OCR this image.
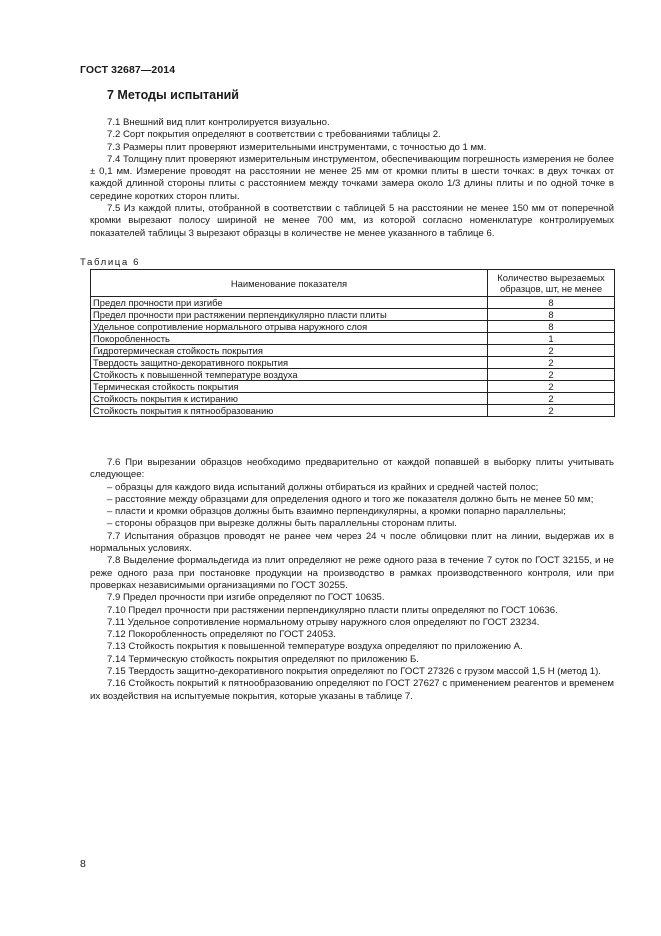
ГОСТ 32687—2014
7 Методы испытаний

7.1 Внешний вид плит контролируется визуально.

7.2 Сорт покрытия определяют в соответствии с требованиями таблицы 2.

7.3 Размеры плит проверяют измерительными инструментами, с точностью до 1 мм.

7.4 Толщину плит проверяют измерительным инструментом, обеспечивающим погрешность измерения не более ± 0,1 мм. Измерение проводят на расстоянии не менее 25 мм от кромки плиты в шести точках: в двух точках от каждой длинной стороны плиты с расстоянием между точками замера около 1/3 длины плиты и по одной точке в середине коротких сторон плиты.

7.5 Из каждой плиты, отобранной в соответствии с таблицей 5 на расстоянии не менее 150 мм от поперечной кромки вырезают полосу шириной не менее 700 мм, из которой согласно номенклатуре контролируемых показателей таблицы 3 вырезают образцы в количестве не менее указанного в таблице 6.

Таблица 6
Наименование показателя	Количество вырезаемых образцов, шт, не менее
Предел прочности при изгибе	8
Предел прочности при растяжении перпендикулярно пласти плиты	8
Удельное сопротивление нормального отрыва наружного слоя	8
Покоробленность	1
Гидротермическая стойкость покрытия	2
Твердость защитно-декоративного покрытия	2
Стойкость к повышенной температуре воздуха	2
Термическая стойкость покрытия	2
Стойкость покрытия к истиранию	2
Стойкость покрытия к пятнообразованию	2

7.6 При вырезании образцов необходимо предварительно от каждой попавшей в выборку плиты учитывать следующее:

– образцы для каждого вида испытаний должны отбираться из крайних и средней частей полос;

– расстояние между образцами для определения одного и того же показателя должно быть не менее 50 мм;

– пласти и кромки образцов должны быть взаимно перпендикулярны, а кромки попарно параллельны;

– стороны образцов при вырезке должны быть параллельны сторонам плиты.

7.7 Испытания образцов проводят не ранее чем через 24 ч после облицовки плит на линии, выдержав их в нормальных условиях.

7.8 Выделение формальдегида из плит определяют не реже одного раза в течение 7 суток по ГОСТ 32155, и не реже одного раза при постановке продукции на производство в рамках производственного контроля, или при проверках независимыми организациями по ГОСТ 30255.

7.9 Предел прочности при изгибе определяют по ГОСТ 10635.

7.10 Предел прочности при растяжении перпендикулярно пласти плиты определяют по ГОСТ 10636.

7.11 Удельное сопротивление нормальному отрыву наружного слоя определяют по ГОСТ 23234.

7.12 Покоробленность определяют по ГОСТ 24053.

7.13 Стойкость покрытия к повышенной температуре воздуха определяют по приложению А.

7.14 Термическую стойкость покрытия определяют по приложению Б.

7.15 Твердость защитно-декоративного покрытия определяют по ГОСТ 27326 с грузом массой 1,5 Н (метод 1).

7.16 Стойкость покрытий к пятнообразованию определяют по ГОСТ 27627 с применением реагентов и временем их воздействия на испытуемые покрытия, которые указаны в таблице 7.

8
